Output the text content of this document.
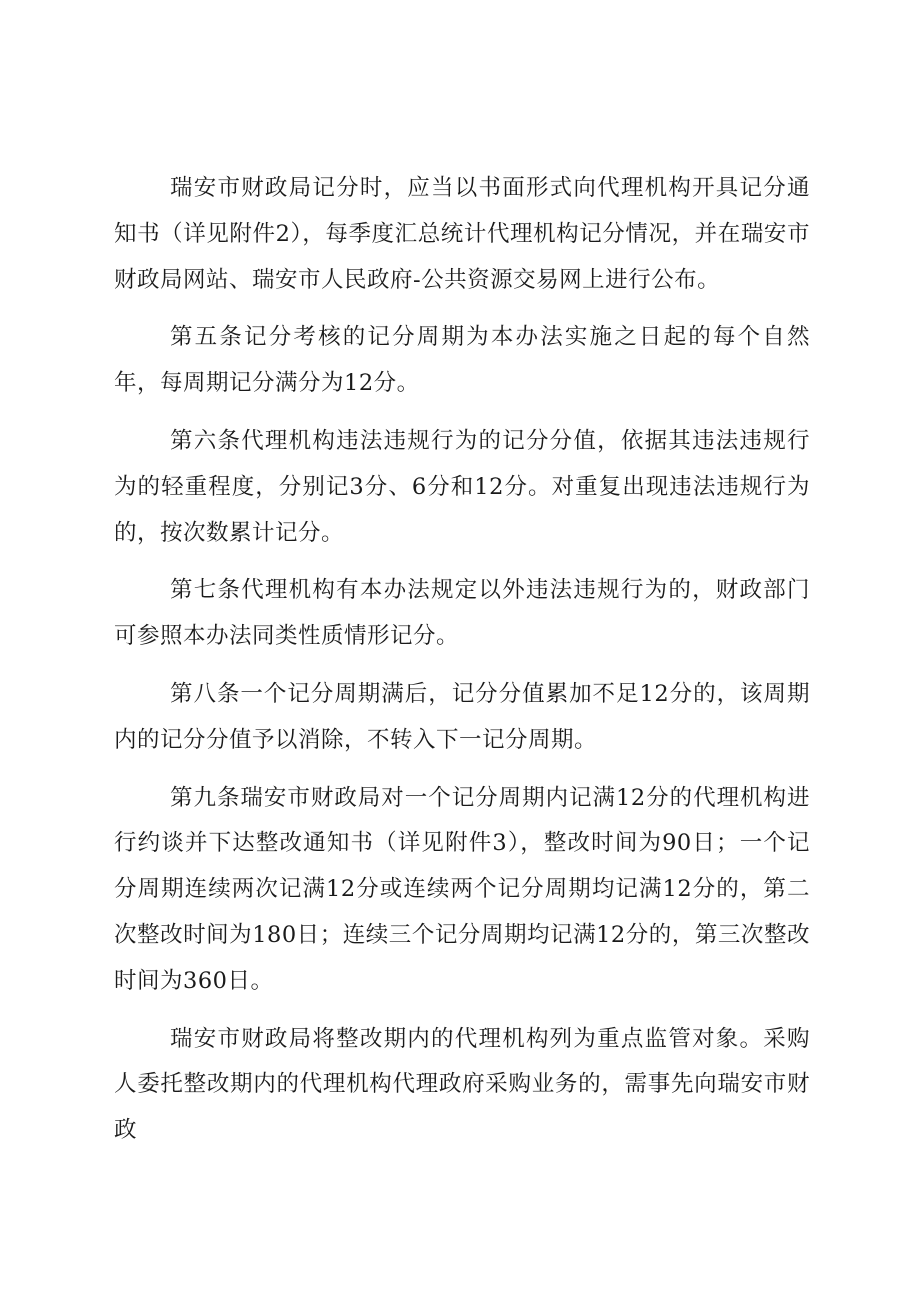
瑞安市财政局记分时，应当以书面形式向代理机构开具记分通知书（详见附件2），每季度汇总统计代理机构记分情况，并在瑞安市财政局网站、瑞安市人民政府-公共资源交易网上进行公布。

第五条记分考核的记分周期为本办法实施之日起的每个自然年，每周期记分满分为12分。

第六条代理机构违法违规行为的记分分值，依据其违法违规行为的轻重程度，分别记3分、6分和12分。对重复出现违法违规行为的，按次数累计记分。

第七条代理机构有本办法规定以外违法违规行为的，财政部门可参照本办法同类性质情形记分。

第八条一个记分周期满后，记分分值累加不足12分的，该周期内的记分分值予以消除，不转入下一记分周期。

第九条瑞安市财政局对一个记分周期内记满12分的代理机构进行约谈并下达整改通知书（详见附件3），整改时间为90日；一个记分周期连续两次记满12分或连续两个记分周期均记满12分的，第二次整改时间为180日；连续三个记分周期均记满12分的，第三次整改时间为360日。

瑞安市财政局将整改期内的代理机构列为重点监管对象。采购人委托整改期内的代理机构代理政府采购业务的，需事先向瑞安市财政
